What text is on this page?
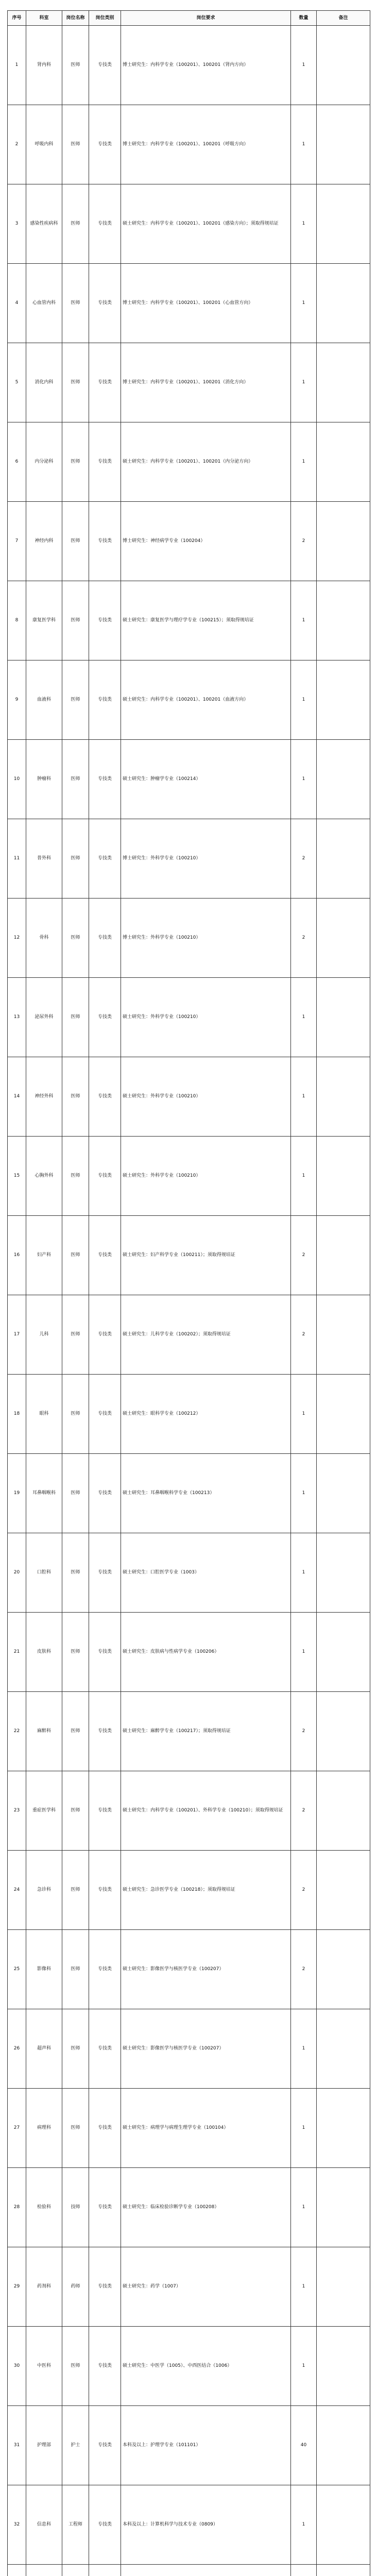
序号	科室	岗位名称	岗位类别	岗位要求	数量	备注
1	肾内科	医师	专技类	博士研究生：内科学专业（100201）、100201（肾内方向）	1	
2	呼吸内科	医师	专技类	博士研究生：内科学专业（100201）、100201（呼吸方向）	1	
3	感染性疾病科	医师	专技类	硕士研究生：内科学专业（100201）、100201（感染方向）；须取得规培证	1	
4	心血管内科	医师	专技类	博士研究生：内科学专业（100201）、100201（心血管方向）	1	
5	消化内科	医师	专技类	博士研究生：内科学专业（100201）、100201（消化方向）	1	
6	内分泌科	医师	专技类	硕士研究生：内科学专业（100201）、100201（内分泌方向）	1	
7	神经内科	医师	专技类	博士研究生：神经病学专业（100204）	2	
8	康复医学科	医师	专技类	硕士研究生：康复医学与理疗学专业（100215）；须取得规培证	1	
9	血液科	医师	专技类	硕士研究生：内科学专业（100201）、100201（血液方向）	1	
10	肿瘤科	医师	专技类	硕士研究生：肿瘤学专业（100214）	1	
11	普外科	医师	专技类	博士研究生：外科学专业（100210）	2	
12	骨科	医师	专技类	博士研究生：外科学专业（100210）	2	
13	泌尿外科	医师	专技类	硕士研究生：外科学专业（100210）	1	
14	神经外科	医师	专技类	硕士研究生：外科学专业（100210）	1	
15	心胸外科	医师	专技类	硕士研究生：外科学专业（100210）	1	
16	妇产科	医师	专技类	硕士研究生：妇产科学专业（100211）；须取得规培证	2	
17	儿科	医师	专技类	硕士研究生：儿科学专业（100202）；须取得规培证	2	
18	眼科	医师	专技类	硕士研究生：眼科学专业（100212）	1	
19	耳鼻咽喉科	医师	专技类	硕士研究生：耳鼻咽喉科学专业（100213）	1	
20	口腔科	医师	专技类	硕士研究生：口腔医学专业（1003）	1	
21	皮肤科	医师	专技类	硕士研究生：皮肤病与性病学专业（100206）	1	
22	麻醉科	医师	专技类	硕士研究生：麻醉学专业（100217）；须取得规培证	2	
23	重症医学科	医师	专技类	硕士研究生：内科学专业（100201）、外科学专业（100210）；须取得规培证	2	
24	急诊科	医师	专技类	硕士研究生：急诊医学专业（100218）；须取得规培证	2	
25	影像科	医师	专技类	硕士研究生：影像医学与核医学专业（100207）	2	
26	超声科	医师	专技类	硕士研究生：影像医学与核医学专业（100207）	1	
27	病理科	医师	专技类	硕士研究生：病理学与病理生理学专业（100104）	1	
28	检验科	技师	专技类	硕士研究生：临床检验诊断学专业（100208）	1	
29	药剂科	药师	专技类	硕士研究生：药学（1007）	1	
30	中医科	医师	专技类	硕士研究生：中医学（1005）、中西医结合（1006）	1	
31	护理部	护士	专技类	本科及以上：护理学专业（101101）	40	
32	信息科	工程师	专技类	本科及以上：计算机科学与技术专业（0809）	1	
